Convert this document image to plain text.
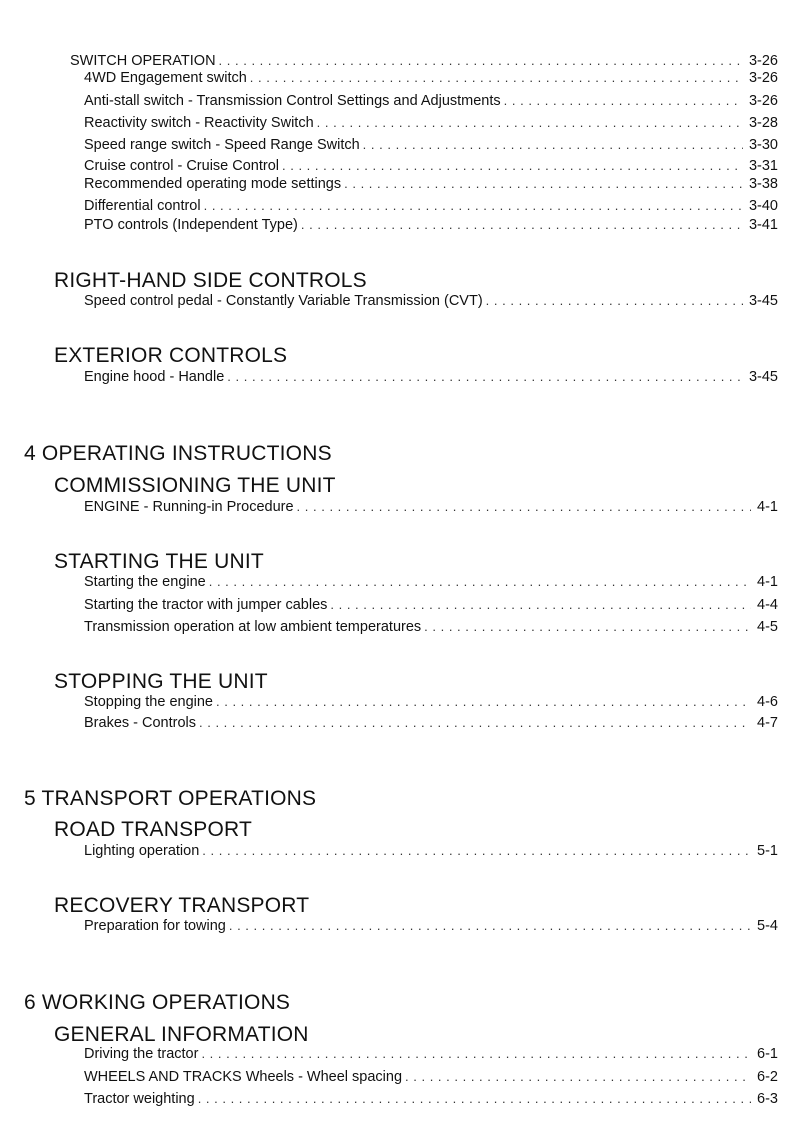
SWITCH OPERATION . . .	3-26
4WD Engagement switch . . .	3-26
Anti-stall switch - Transmission Control Settings and Adjustments . . .	3-26
Reactivity switch - Reactivity Switch . . .	3-28
Speed range switch - Speed Range Switch . . .	3-30
Cruise control - Cruise Control . . .	3-31
Recommended operating mode settings . . .	3-38
Differential control . . .	3-40
PTO controls (Independent Type) . . .	3-41
RIGHT-HAND SIDE CONTROLS
Speed control pedal - Constantly Variable Transmission (CVT) . . .	3-45
EXTERIOR CONTROLS
Engine hood - Handle . . .	3-45
4 OPERATING INSTRUCTIONS
COMMISSIONING THE UNIT
ENGINE - Running-in Procedure . . .	4-1
STARTING THE UNIT
Starting the engine . . .	4-1
Starting the tractor with jumper cables . . .	4-4
Transmission operation at low ambient temperatures . . .	4-5
STOPPING THE UNIT
Stopping the engine . . .	4-6
Brakes - Controls . . .	4-7
5 TRANSPORT OPERATIONS
ROAD TRANSPORT
Lighting operation . . .	5-1
RECOVERY TRANSPORT
Preparation for towing . . .	5-4
6 WORKING OPERATIONS
GENERAL INFORMATION
Driving the tractor . . .	6-1
WHEELS AND TRACKS Wheels - Wheel spacing . . .	6-2
Tractor weighting . . .	6-3
